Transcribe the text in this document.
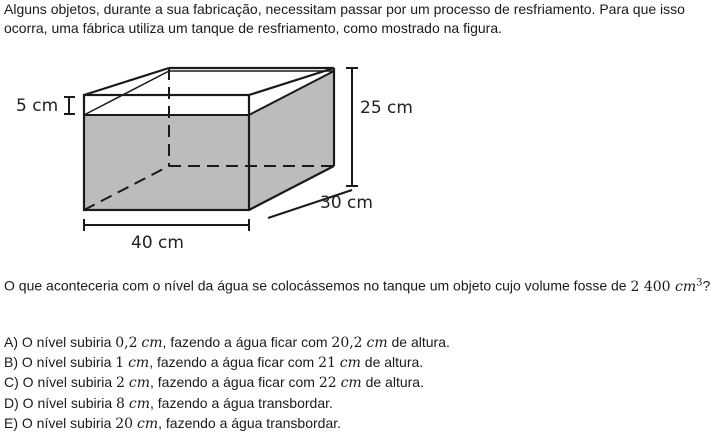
Alguns objetos, durante a sua fabricação, necessitam passar por um processo de resfriamento. Para que isso ocorra, uma fábrica utiliza um tanque de resfriamento, como mostrado na figura.

5 cm	25 cm
30 cm
40 cm

O que aconteceria com o nível da água se colocássemos no tanque um objeto cujo volume fosse de 2 400 $cm^3$?

A) O nível subiria 0,2 cm, fazendo a água ficar com 20,2 cm de altura.
B) O nível subiria 1 cm, fazendo a água ficar com 21 cm de altura.
C) O nível subiria 2 cm, fazendo a água ficar com 22 cm de altura.
D) O nível subiria 8 cm, fazendo a água transbordar.
E) O nível subiria 20 cm, fazendo a água transbordar.
